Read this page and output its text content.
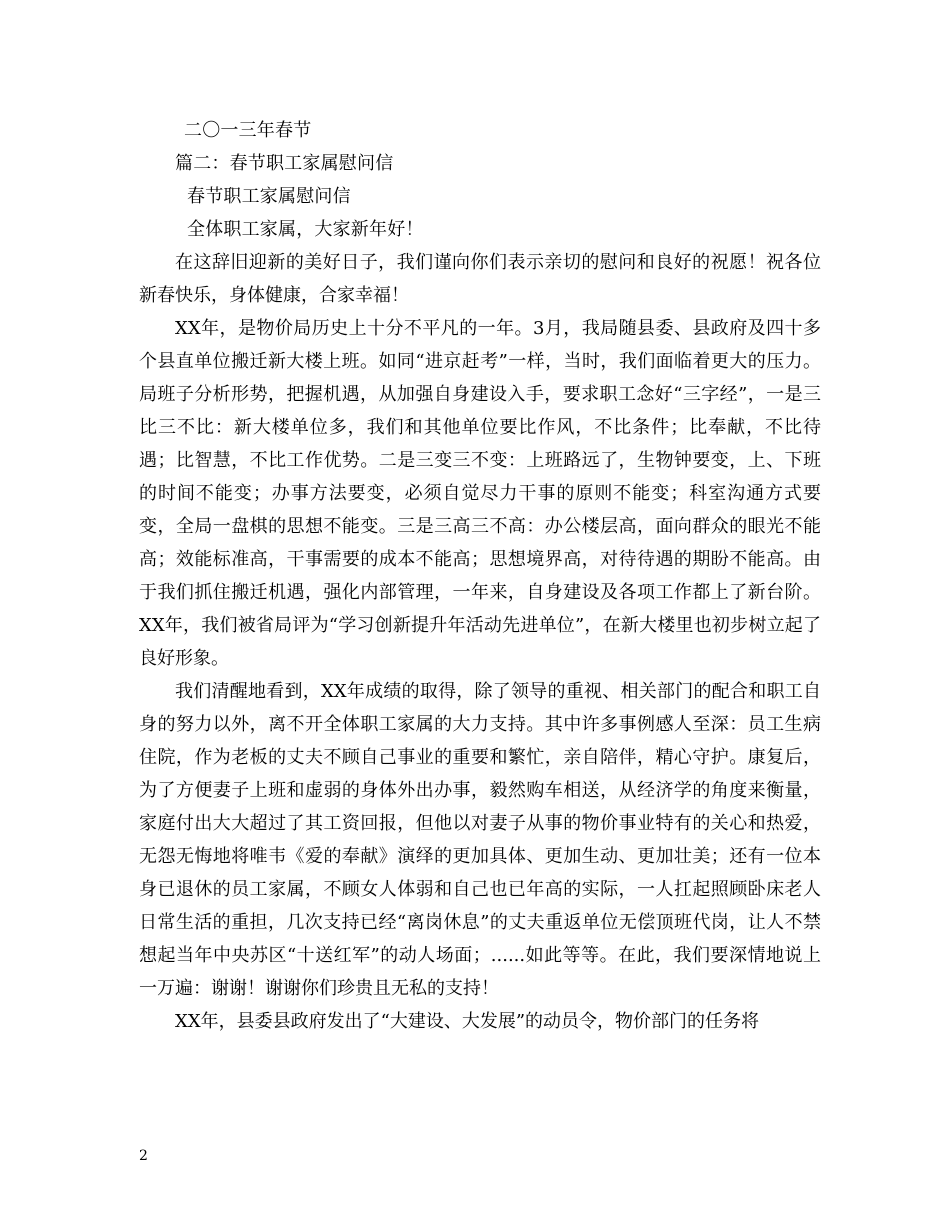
二〇一三年春节
篇二：春节职工家属慰问信
春节职工家属慰问信
全体职工家属，大家新年好！

在这辞旧迎新的美好日子，我们谨向你们表示亲切的慰问和良好的祝愿！祝各位新春快乐，身体健康，合家幸福！

XX年，是物价局历史上十分不平凡的一年。3月，我局随县委、县政府及四十多个县直单位搬迁新大楼上班。如同“进京赶考”一样，当时，我们面临着更大的压力。局班子分析形势，把握机遇，从加强自身建设入手，要求职工念好“三字经”，一是三比三不比：新大楼单位多，我们和其他单位要比作风，不比条件；比奉献，不比待遇；比智慧，不比工作优势。二是三变三不变：上班路远了，生物钟要变，上、下班的时间不能变；办事方法要变，必须自觉尽力干事的原则不能变；科室沟通方式要变，全局一盘棋的思想不能变。三是三高三不高：办公楼层高，面向群众的眼光不能高；效能标准高，干事需要的成本不能高；思想境界高，对待待遇的期盼不能高。由于我们抓住搬迁机遇，强化内部管理，一年来，自身建设及各项工作都上了新台阶。XX年，我们被省局评为“学习创新提升年活动先进单位”，在新大楼里也初步树立起了良好形象。

我们清醒地看到，XX年成绩的取得，除了领导的重视、相关部门的配合和职工自身的努力以外，离不开全体职工家属的大力支持。其中许多事例感人至深：员工生病住院，作为老板的丈夫不顾自己事业的重要和繁忙，亲自陪伴，精心守护。康复后，为了方便妻子上班和虚弱的身体外出办事，毅然购车相送，从经济学的角度来衡量，家庭付出大大超过了其工资回报，但他以对妻子从事的物价事业特有的关心和热爱，无怨无悔地将唯韦《爱的奉献》演绎的更加具体、更加生动、更加壮美；还有一位本身已退休的员工家属，不顾女人体弱和自己也已年高的实际，一人扛起照顾卧床老人日常生活的重担，几次支持已经“离岗休息”的丈夫重返单位无偿顶班代岗，让人不禁想起当年中央苏区“十送红军”的动人场面；......如此等等。在此，我们要深情地说上一万遍：谢谢！谢谢你们珍贵且无私的支持！

XX年，县委县政府发出了“大建设、大发展”的动员令，物价部门的任务将

2
